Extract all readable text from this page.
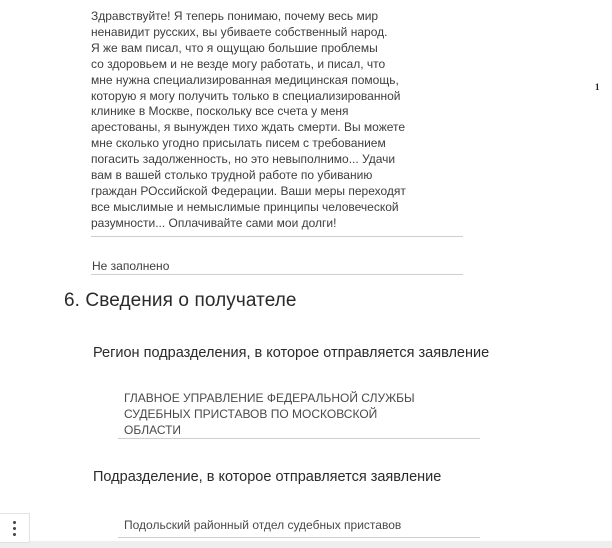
Здравствуйте! Я теперь понимаю, почему весь мир
ненавидит русских, вы убиваете собственный народ.
Я же вам писал, что я ощущаю большие проблемы
со здоровьем и не везде могу работать, и писал, что
мне нужна специализированная медицинская помощь,
которую я могу получить только в специализированной
клинике в Москве, поскольку все счета у меня
арестованы, я вынужден тихо ждать смерти. Вы можете
мне сколько угодно присылать писем с требованием
погасить задолженность, но это невыполнимо... Удачи
вам в вашей столько трудной работе по убиванию
граждан РОссийской Федерации. Ваши меры переходят
все мыслимые и немыслимые принципы человеческой
разумности... Оплачивайте сами мои долги!

Не заполнено
1
6. Сведения о получателе
Регион подразделения, в которое отправляется заявление
ГЛАВНОЕ УПРАВЛЕНИЕ ФЕДЕРАЛЬНОЙ СЛУЖБЫ
СУДЕБНЫХ ПРИСТАВОВ ПО МОСКОВСКОЙ
ОБЛАСТИ
Подразделение, в которое отправляется заявление
Подольский районный отдел судебных приставов
